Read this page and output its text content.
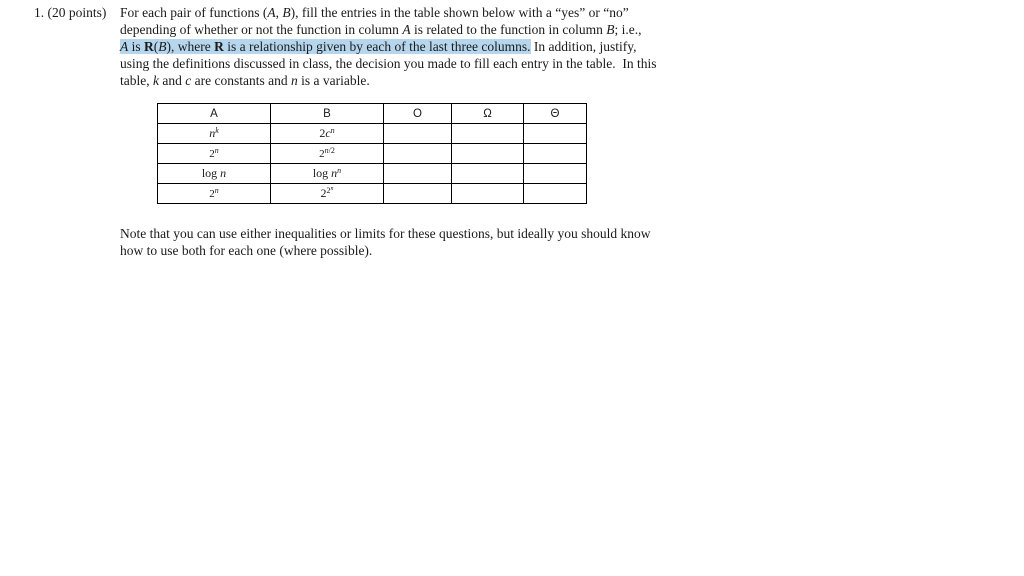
1. (20 points) For each pair of functions (A, B), fill the entries in the table shown below with a “yes” or “no”
depending of whether or not the function in column A is related to the function in column B; i.e.,
A is R(B), where R is a relationship given by each of the last three columns. In addition, justify,
using the definitions discussed in class, the decision you made to fill each entry in the table.  In this
table, k and c are constants and n is a variable.
A	B	O	Ω	Θ
$n^k$	$2c^n$			
2$^n$	$2^{n/2}$			
log n	$\log n^n$			
2$^n$	$2^{2^n}$			
Note that you can use either inequalities or limits for these questions, but ideally you should know
how to use both for each one (where possible).
